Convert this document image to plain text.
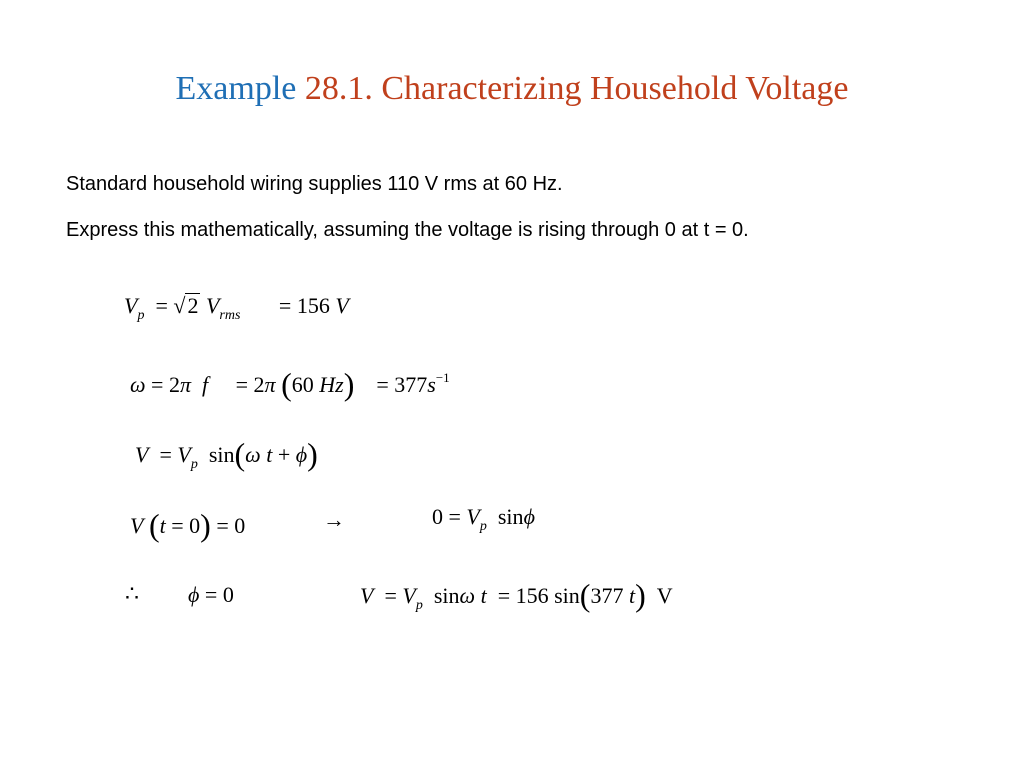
Example 28.1. Characterizing Household Voltage
Standard household wiring supplies 110 V rms at 60 Hz.
Express this mathematically, assuming the voltage is rising through 0 at t = 0.
$V_p$  = √ 2 $V_{rms}$       = 156 V
ω = 2π f     = 2π (60 Hz)    = $377s^{-1}$
$V = V_p$  sin(ω t + ϕ)
V (t = 0) = 0	→	$0 = V_p$  sinϕ
∴ ϕ = 0	$V = V_p$  sinω t  = 156 sin(377 t) V
